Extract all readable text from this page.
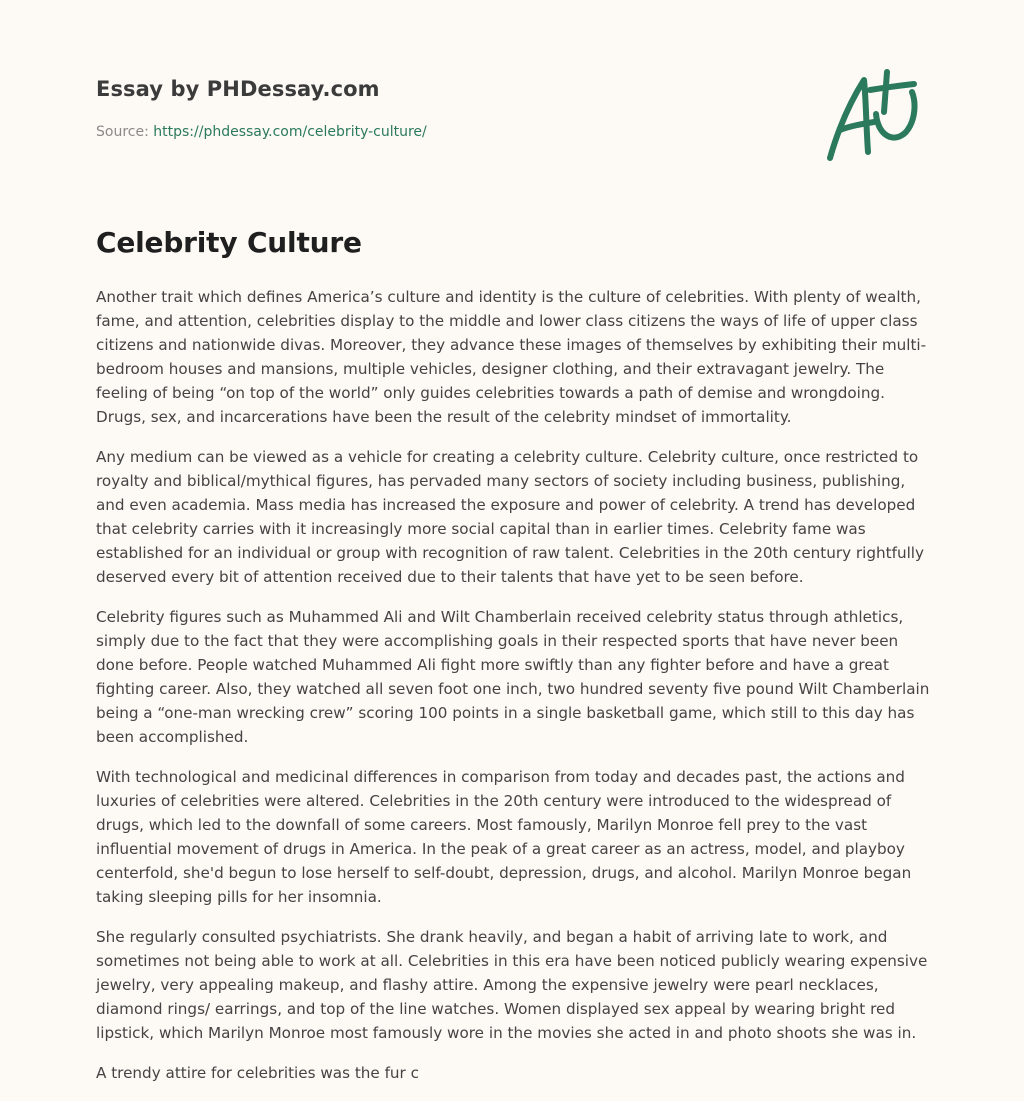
Essay by PHDessay.com
Source: https://phdessay.com/celebrity-culture/
Celebrity Culture

Another trait which defines America’s culture and identity is the culture of celebrities. With plenty of wealth, fame, and attention, celebrities display to the middle and lower class citizens the ways of life of upper class citizens and nationwide divas. Moreover, they advance these images of themselves by exhibiting their multi-bedroom houses and mansions, multiple vehicles, designer clothing, and their extravagant jewelry. The feeling of being “on top of the world” only guides celebrities towards a path of demise and wrongdoing. Drugs, sex, and incarcerations have been the result of the celebrity mindset of immortality.

Any medium can be viewed as a vehicle for creating a celebrity culture. Celebrity culture, once restricted to royalty and biblical/mythical figures, has pervaded many sectors of society including business, publishing, and even academia. Mass media has increased the exposure and power of celebrity. A trend has developed that celebrity carries with it increasingly more social capital than in earlier times. Celebrity fame was established for an individual or group with recognition of raw talent. Celebrities in the 20th century rightfully deserved every bit of attention received due to their talents that have yet to be seen before.

Celebrity figures such as Muhammed Ali and Wilt Chamberlain received celebrity status through athletics, simply due to the fact that they were accomplishing goals in their respected sports that have never been done before. People watched Muhammed Ali fight more swiftly than any fighter before and have a great fighting career. Also, they watched all seven foot one inch, two hundred seventy five pound Wilt Chamberlain being a “one-man wrecking crew” scoring 100 points in a single basketball game, which still to this day has been accomplished.

With technological and medicinal differences in comparison from today and decades past, the actions and luxuries of celebrities were altered. Celebrities in the 20th century were introduced to the widespread of drugs, which led to the downfall of some careers. Most famously, Marilyn Monroe fell prey to the vast influential movement of drugs in America. In the peak of a great career as an actress, model, and playboy centerfold, she'd begun to lose herself to self-doubt, depression, drugs, and alcohol. Marilyn Monroe began taking sleeping pills for her insomnia.

She regularly consulted psychiatrists. She drank heavily, and began a habit of arriving late to work, and sometimes not being able to work at all. Celebrities in this era have been noticed publicly wearing expensive jewelry, very appealing makeup, and flashy attire. Among the expensive jewelry were pearl necklaces, diamond rings/ earrings, and top of the line watches. Women displayed sex appeal by wearing bright red lipstick, which Marilyn Monroe most famously wore in the movies she acted in and photo shoots she was in.

A trendy attire for celebrities was the fur c
